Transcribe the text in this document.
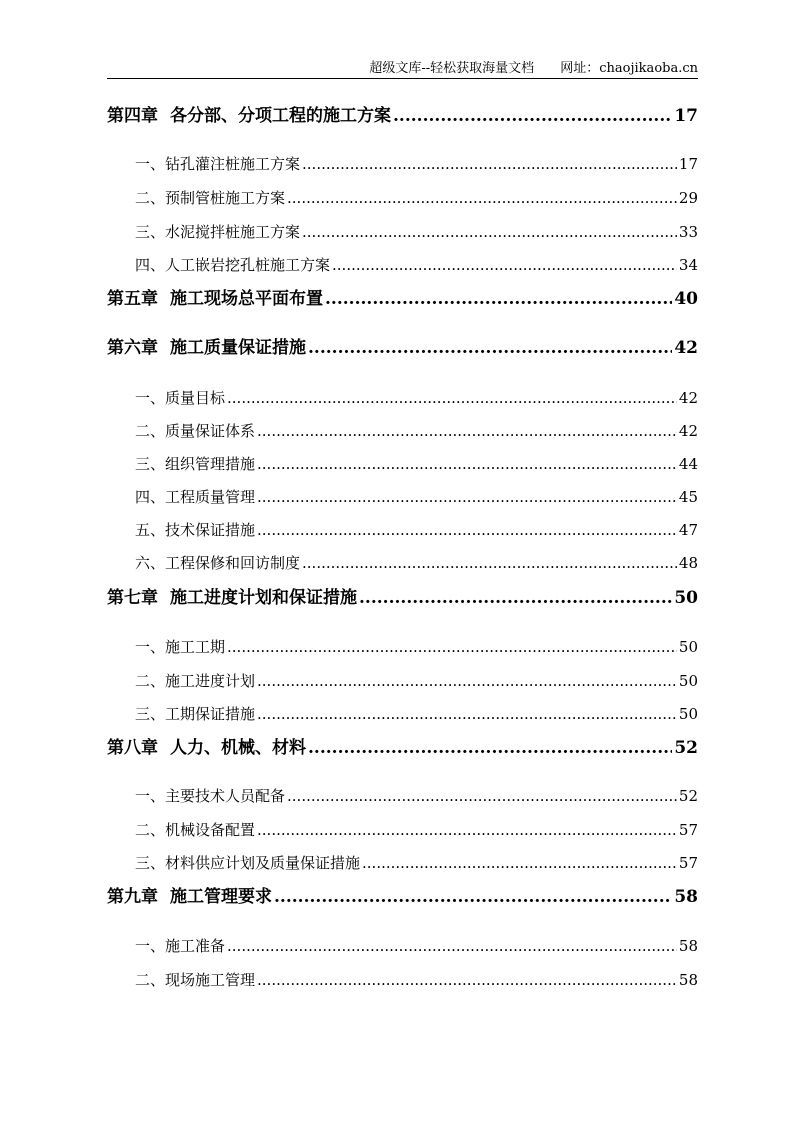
超级文库--轻松获取海量文档 网址：chaojikaoba.cn
第四章 各分部、分项工程的施工方案 .....	17
一、钻孔灌注桩施工方案 .....	17
二、预制管桩施工方案 .....	29
三、水泥搅拌桩施工方案 .....	33
四、人工嵌岩挖孔桩施工方案 .....	34
第五章 施工现场总平面布置 .....	40
第六章 施工质量保证措施 .....	42
一、质量目标 .....	42
二、质量保证体系 .....	42
三、组织管理措施 .....	44
四、工程质量管理 .....	45
五、技术保证措施 .....	47
六、工程保修和回访制度 .....	48
第七章 施工进度计划和保证措施 .....	50
一、施工工期 .....	50
二、施工进度计划 .....	50
三、工期保证措施 .....	50
第八章 人力、机械、材料 .....	52
一、主要技术人员配备 .....	52
二、机械设备配置 .....	57
三、材料供应计划及质量保证措施 .....	57
第九章 施工管理要求 .....	58
一、施工准备 .....	58
二、现场施工管理 .....	58
